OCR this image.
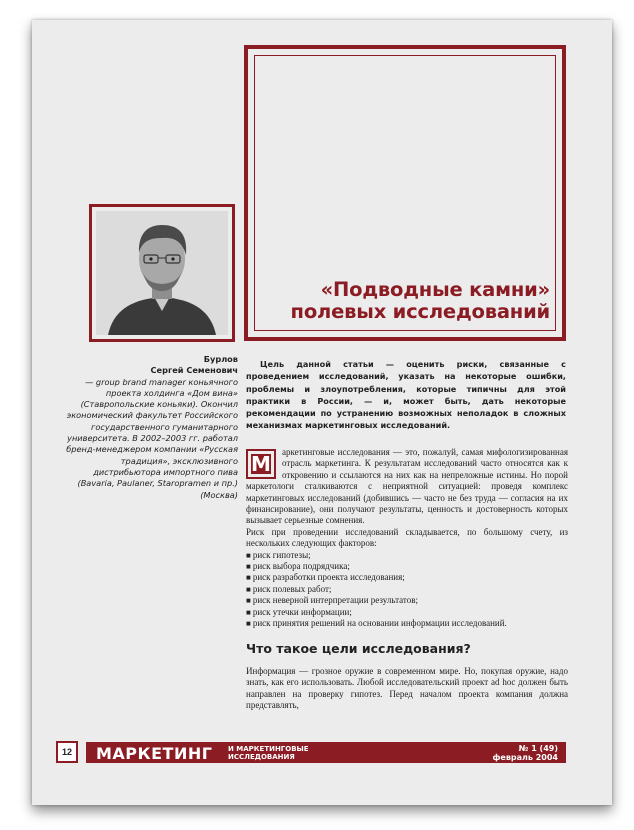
«Подводные камни»
полевых исследований
Бурлов
Сергей Семенович
— group brand manager коньячного проекта холдинга «Дом вина» (Ставропольские коньяки). Окончил экономический факультет Российского государственного гуманитарного университета. В 2002–2003 гг. работал бренд-менеджером компании «Русская традиция», эксклюзивного дистрибьютора импортного пива (Bavaria, Paulaner, Staropramen и пр.) (Москва)
Цель данной статьи — оценить риски, связанные с проведением исследований, указать на некоторые ошибки, проблемы и злоупотребления, которые типичны для этой практики в России, — и, может быть, дать некоторые рекомендации по устранению возможных неполадок в сложных механизмах маркетинговых исследований.
М	аркетинговые исследования — это, пожалуй, самая мифологизированная отрасль маркетинга. К результатам исследований часто относятся как к откровению и ссылаются на них как на непреложные истины. Но порой маркетологи сталкиваются с неприятной ситуацией: проведя комплекс маркетинговых исследований (добившись — часто не без труда — согласия на их финансирование), они получают результаты, ценность и достоверность которых вызывает серьезные сомнения.

Риск при проведении исследований складывается, по большому счету, из нескольких следующих факторов:

■ риск гипотезы;
■ риск выбора подрядчика;
■ риск разработки проекта исследования;
■ риск полевых работ;
■ риск неверной интерпретации результатов;
■ риск утечки информации;
■ риск принятия решений на основании информации исследований.
Что такое цели исследования?

Информация — грозное оружие в современном мире. Но, покупая оружие, надо знать, как его использовать. Любой исследовательский проект ad hoc должен быть направлен на проверку гипотез. Перед началом проекта компания должна представлять,

12	МАРКЕТИНГ И МАРКЕТИНГОВЫЕ
ИССЛЕДОВАНИЯ
№ 1 (49)
февраль 2004
